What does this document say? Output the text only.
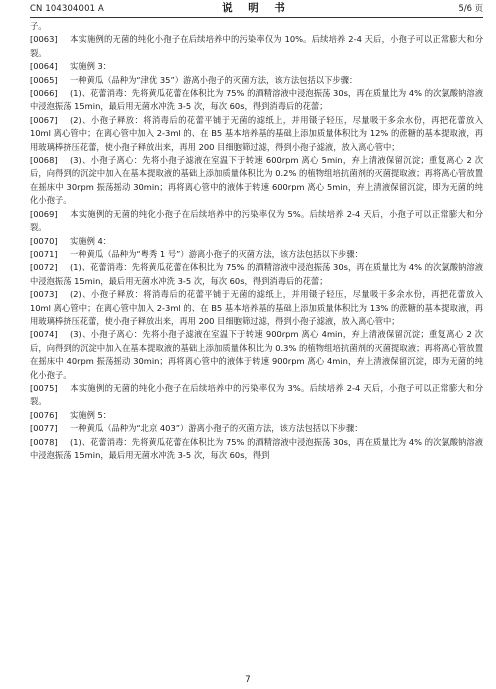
CN 104304001 A	说 明 书	5/6 页

子。

[0063] 本实施例的无菌的纯化小孢子在后续培养中的污染率仅为 10%。后续培养 2-4 天后，小孢子可以正常膨大和分裂。

[0064] 实施例 3：

[0065] 一种黄瓜（品种为“津优 35”）游离小孢子的灭菌方法，该方法包括以下步骤：

[0066] (1)、花蕾消毒：先将黄瓜花蕾在体积比为 75% 的酒精溶液中浸泡振荡 30s，再在质量比为 4% 的次氯酸钠溶液中浸泡振荡 15min，最后用无菌水冲洗 3-5 次，每次 60s，得到消毒后的花蕾；

[0067] (2)、小孢子释放：将消毒后的花蕾平铺于无菌的滤纸上，并用镊子轻压，尽量吸干多余水份，再把花蕾放入 10ml 离心管中；在离心管中加入 2-3ml 的、在 B5 基本培养基的基础上添加质量体积比为 12% 的蔗糖的基本提取液，再用玻璃棒挤压花蕾，使小孢子释放出来，再用 200 目细胞筛过滤，得到小孢子滤液，放入离心管中；

[0068] (3)、小孢子离心：先将小孢子滤液在室温下于转速 600rpm 离心 5min，弃上清液保留沉淀；重复离心 2 次后，向得到的沉淀中加入在基本提取液的基础上添加质量体积比为 0.2% 的植物组培抗菌剂的灭菌提取液；再将离心管放置在摇床中 30rpm 振荡摇动 30min；再将离心管中的液体于转速 600rpm 离心 5min，弃上清液保留沉淀，即为无菌的纯化小孢子。

[0069] 本实施例的无菌的纯化小孢子在后续培养中的污染率仅为 5%。后续培养 2-4 天后，小孢子可以正常膨大和分裂。

[0070] 实施例 4：

[0071] 一种黄瓜（品种为“粤秀 1 号”）游离小孢子的灭菌方法，该方法包括以下步骤：

[0072] (1)、花蕾消毒：先将黄瓜花蕾在体积比为 75% 的酒精溶液中浸泡振荡 30s，再在质量比为 4% 的次氯酸钠溶液中浸泡振荡 15min，最后用无菌水冲洗 3-5 次，每次 60s，得到消毒后的花蕾；

[0073] (2)、小孢子释放：将消毒后的花蕾平铺于无菌的滤纸上，并用镊子轻压，尽量吸干多余水份，再把花蕾放入 10ml 离心管中；在离心管中加入 2-3ml 的、在 B5 基本培养基的基础上添加质量体积比为 13% 的蔗糖的基本提取液，再用玻璃棒挤压花蕾，使小孢子释放出来，再用 200 目细胞筛过滤，得到小孢子滤液，放入离心管中；

[0074] (3)、小孢子离心：先将小孢子滤液在室温下于转速 900rpm 离心 4min，弃上清液保留沉淀；重复离心 2 次后，向得到的沉淀中加入在基本提取液的基础上添加质量体积比为 0.3% 的植物组培抗菌剂的灭菌提取液；再将离心管放置在摇床中 40rpm 振荡摇动 30min；再将离心管中的液体于转速 900rpm 离心 4min，弃上清液保留沉淀，即为无菌的纯化小孢子。

[0075] 本实施例的无菌的纯化小孢子在后续培养中的污染率仅为 3%。后续培养 2-4 天后，小孢子可以正常膨大和分裂。

[0076] 实施例 5：

[0077] 一种黄瓜（品种为“北京 403”）游离小孢子的灭菌方法，该方法包括以下步骤：

[0078] (1)、花蕾消毒：先将黄瓜花蕾在体积比为 75% 的酒精溶液中浸泡振荡 30s，再在质量比为 4% 的次氯酸钠溶液中浸泡振荡 15min，最后用无菌水冲洗 3-5 次，每次 60s，得到

7
